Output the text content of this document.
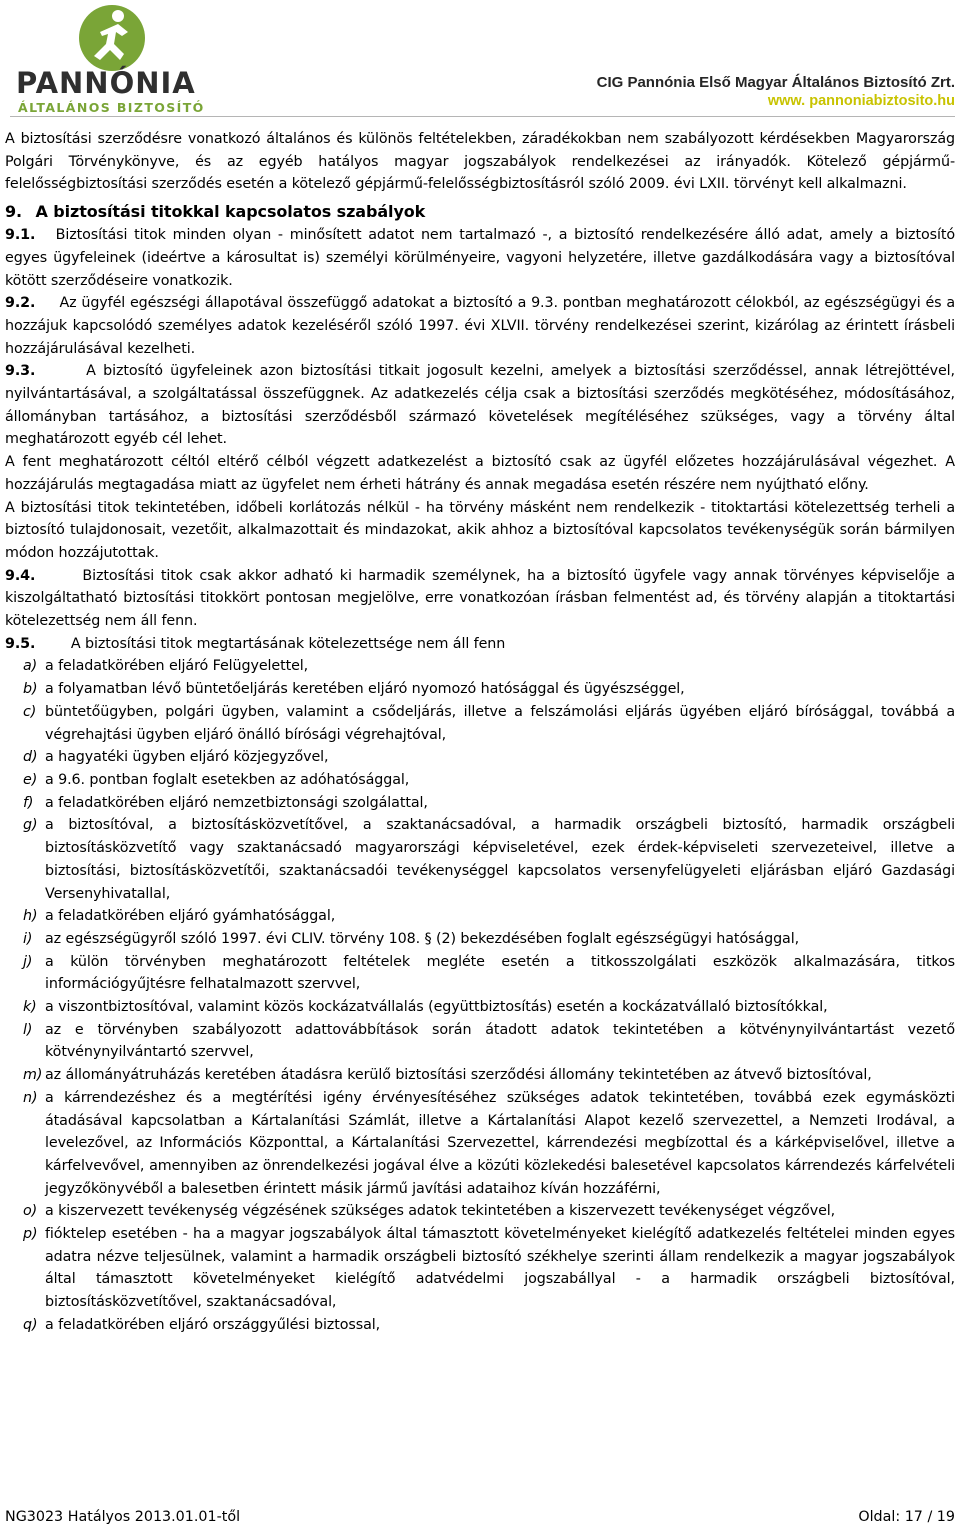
PANNÓNIA
ÁLTALÁNOS BIZTOSÍTÓ
CIG Pannónia Első Magyar Általános Biztosító Zrt.
www. pannoniabiztosito.hu

A biztosítási szerződésre vonatkozó általános és különös feltételekben, záradékokban nem szabályozott kérdésekben Magyarország Polgári Törvénykönyve, és az egyéb hatályos magyar jogszabályok rendelkezései az irányadók. Kötelező gépjármű-felelősségbiztosítási szerződés esetén a kötelező gépjármű-felelősségbiztosításról szóló 2009. évi LXII. törvényt kell alkalmazni.

9. A biztosítási titokkal kapcsolatos szabályok

9.1. Biztosítási titok minden olyan - minősített adatot nem tartalmazó -, a biztosító rendelkezésére álló adat, amely a biztosító egyes ügyfeleinek (ideértve a károsultat is) személyi körülményeire, vagyoni helyzetére, illetve gazdálkodására vagy a biztosítóval kötött szerződéseire vonatkozik.

9.2. Az ügyfél egészségi állapotával összefüggő adatokat a biztosító a 9.3. pontban meghatározott célokból, az egészségügyi és a hozzájuk kapcsolódó személyes adatok kezeléséről szóló 1997. évi XLVII. törvény rendelkezései szerint, kizárólag az érintett írásbeli hozzájárulásával kezelheti.

9.3.	A biztosító ügyfeleinek azon biztosítási titkait jogosult kezelni, amelyek a biztosítási szerződéssel, annak létrejöttével, nyilvántartásával, a szolgáltatással összefüggnek. Az adatkezelés célja csak a biztosítási szerződés megkötéséhez, módosításához, állományban tartásához, a biztosítási szerződésből származó követelések megítéléséhez szükséges, vagy a törvény által meghatározott egyéb cél lehet.

A fent meghatározott céltól eltérő célból végzett adatkezelést a biztosító csak az ügyfél előzetes hozzájárulásával végezhet. A hozzájárulás megtagadása miatt az ügyfelet nem érheti hátrány és annak megadása esetén részére nem nyújtható előny.

A biztosítási titok tekintetében, időbeli korlátozás nélkül - ha törvény másként nem rendelkezik - titoktartási kötelezettség terheli a biztosító tulajdonosait, vezetőit, alkalmazottait és mindazokat, akik ahhoz a biztosítóval kapcsolatos tevékenységük során bármilyen módon hozzájutottak.

9.4.	Biztosítási titok csak akkor adható ki harmadik személynek, ha a biztosító ügyfele vagy annak törvényes képviselője a kiszolgáltatható biztosítási titokkört pontosan megjelölve, erre vonatkozóan írásban felmentést ad, és törvény alapján a titoktartási kötelezettség nem áll fenn.

9.5. A biztosítási titok megtartásának kötelezettsége nem áll fenn

a) a feladatkörében eljáró Felügyelettel,
b) a folyamatban lévő büntetőeljárás keretében eljáró nyomozó hatósággal és ügyészséggel,
c) büntetőügyben, polgári ügyben, valamint a csődeljárás, illetve a felszámolási eljárás ügyében eljáró bírósággal, továbbá a végrehajtási ügyben eljáró önálló bírósági végrehajtóval,
d) a hagyatéki ügyben eljáró közjegyzővel,
e) a 9.6. pontban foglalt esetekben az adóhatósággal,
f) a feladatkörében eljáró nemzetbiztonsági szolgálattal,
g) a biztosítóval, a biztosításközvetítővel, a szaktanácsadóval, a harmadik országbeli biztosító, harmadik országbeli biztosításközvetítő vagy szaktanácsadó magyarországi képviseletével, ezek érdek-képviseleti szervezeteivel, illetve a biztosítási, biztosításközvetítői, szaktanácsadói tevékenységgel kapcsolatos versenyfelügyeleti eljárásban eljáró Gazdasági Versenyhivatallal,
h) a feladatkörében eljáró gyámhatósággal,
i) az egészségügyről szóló 1997. évi CLIV. törvény 108. § (2) bekezdésében foglalt egészségügyi hatósággal,
j) a külön törvényben meghatározott feltételek megléte esetén a titkosszolgálati eszközök alkalmazására, titkos információgyűjtésre felhatalmazott szervvel,
k) a viszontbiztosítóval, valamint közös kockázatvállalás (együttbiztosítás) esetén a kockázatvállaló biztosítókkal,
l) az e törvényben szabályozott adattovábbítások során átadott adatok tekintetében a kötvénynyilvántartást vezető kötvénynyilvántartó szervvel,
m) az állományátruházás keretében átadásra kerülő biztosítási szerződési állomány tekintetében az átvevő biztosítóval,
n) a kárrendezéshez és a megtérítési igény érvényesítéséhez szükséges adatok tekintetében, továbbá ezek egymásközti átadásával kapcsolatban a Kártalanítási Számlát, illetve a Kártalanítási Alapot kezelő szervezettel, a Nemzeti Irodával, a levelezővel, az Információs Központtal, a Kártalanítási Szervezettel, kárrendezési megbízottal és a kárképviselővel, illetve a kárfelvevővel, amennyiben az önrendelkezési jogával élve a közúti közlekedési balesetével kapcsolatos kárrendezés kárfelvételi jegyzőkönyvéből a balesetben érintett másik jármű javítási adataihoz kíván hozzáférni,
o) a kiszervezett tevékenység végzésének szükséges adatok tekintetében a kiszervezett tevékenységet végzővel,
p) fióktelep esetében - ha a magyar jogszabályok által támasztott követelményeket kielégítő adatkezelés feltételei minden egyes adatra nézve teljesülnek, valamint a harmadik országbeli biztosító székhelye szerinti állam rendelkezik a magyar jogszabályok által támasztott követelményeket kielégítő adatvédelmi jogszabállyal - a harmadik országbeli biztosítóval, biztosításközvetítővel, szaktanácsadóval,
q) a feladatkörében eljáró országgyűlési biztossal,
NG3023 Hatályos 2013.01.01-től	Oldal: 17 / 19
